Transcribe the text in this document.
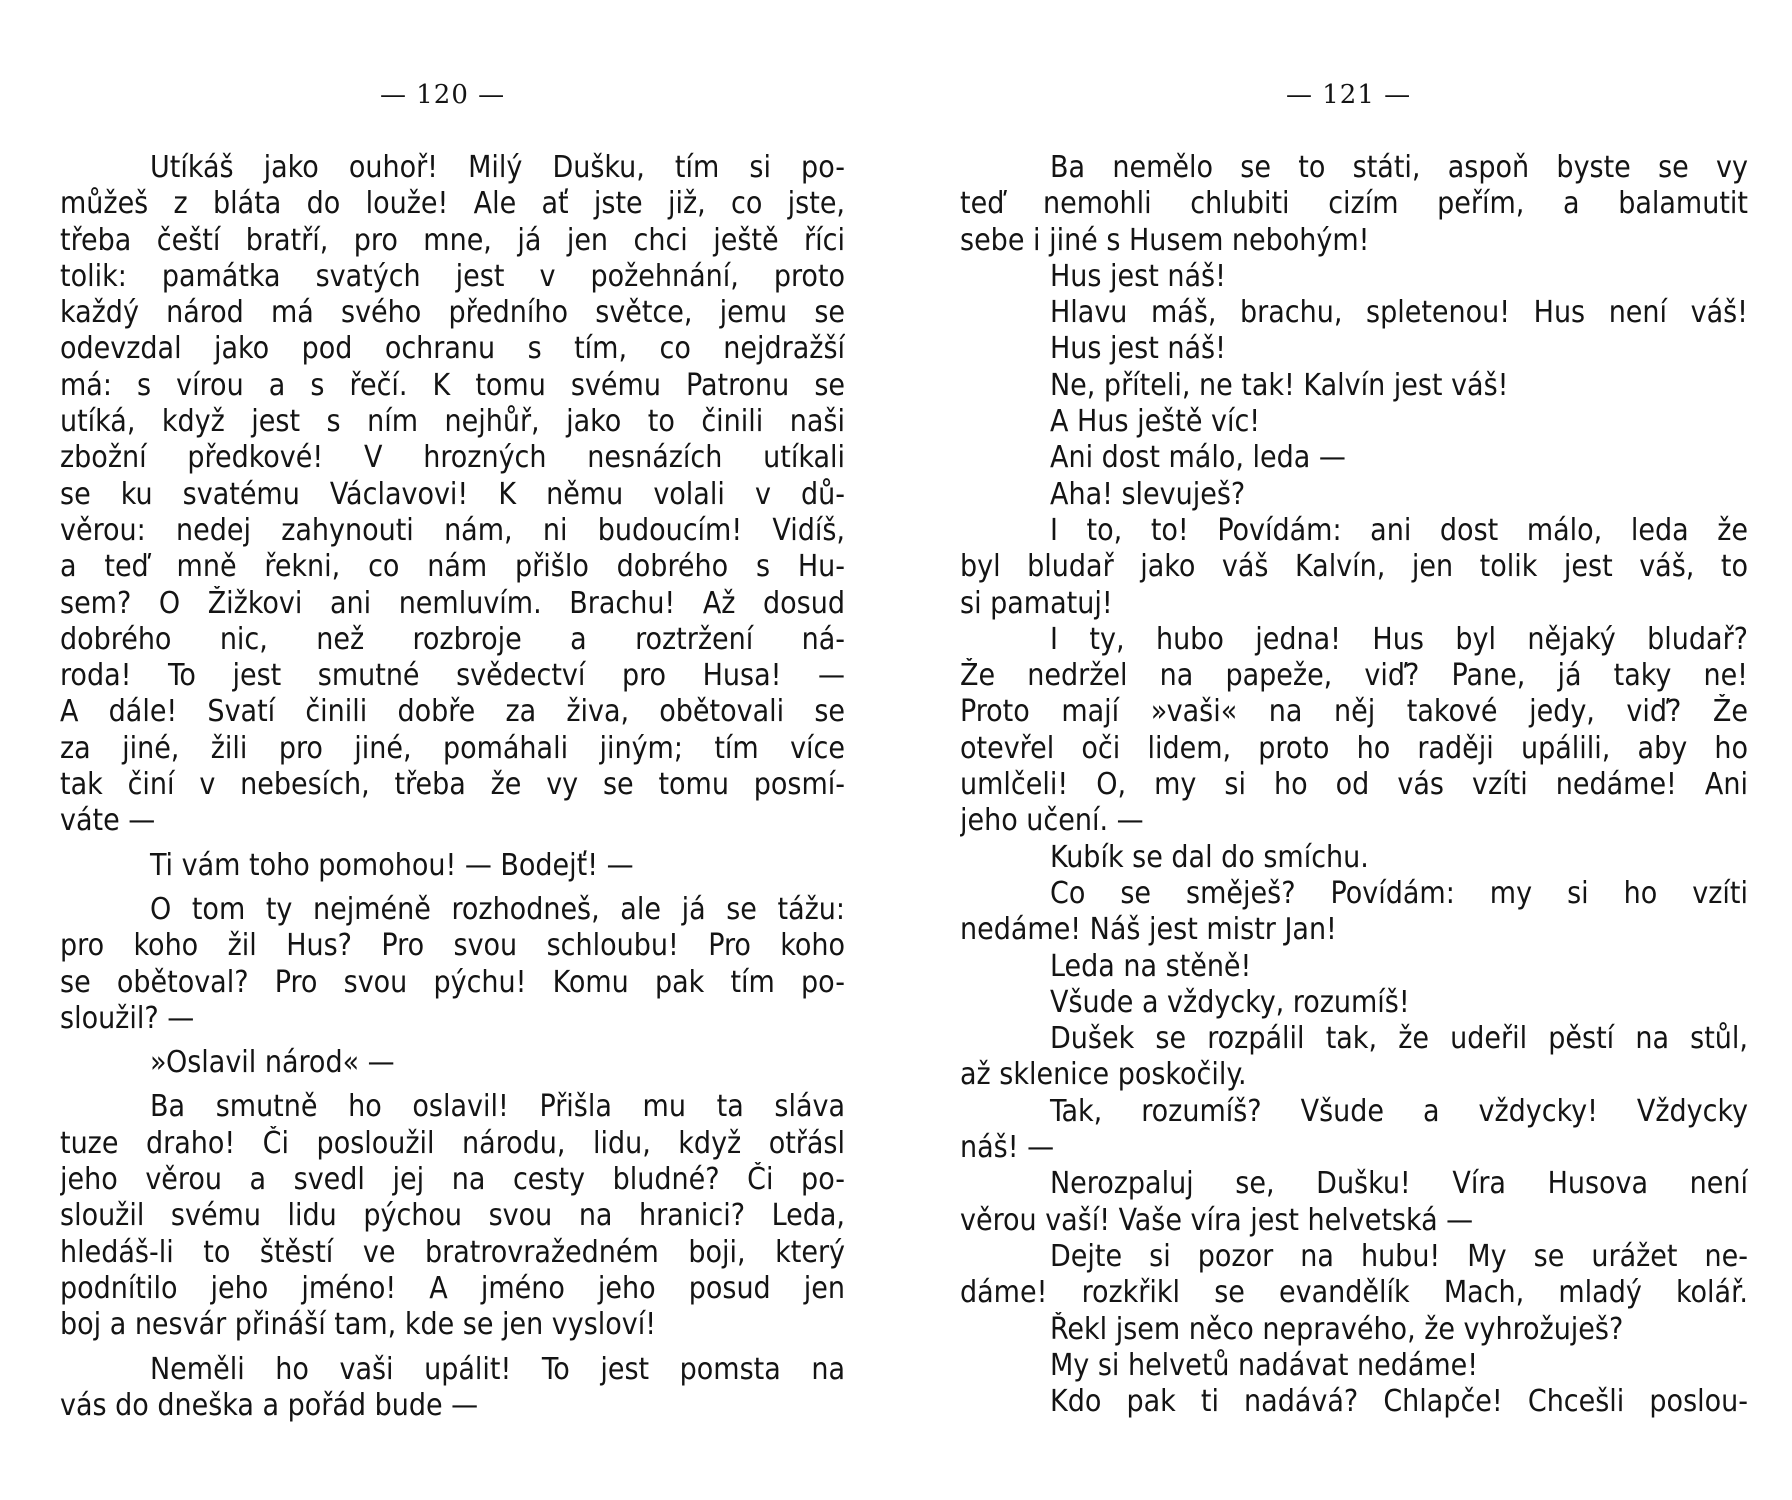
— 120 —
Utíkáš jako ouhoř! Milý Dušku, tím si po-
můžeš z bláta do louže! Ale ať jste již, co jste,
třeba čeští bratří, pro mne, já jen chci ještě říci
tolik: památka svatých jest v požehnání, proto
každý národ má svého předního světce, jemu se
odevzdal jako pod ochranu s tím, co nejdražší
má: s vírou a s řečí. K tomu svému Patronu se
utíká, když jest s ním nejhůř, jako to činili naši
zbožní předkové! V hrozných nesnázích utíkali
se ku svatému Václavovi! K němu volali v dů-
věrou: nedej zahynouti nám, ni budoucím! Vidíš,
a teď mně řekni, co nám přišlo dobrého s Hu-
sem? O Žižkovi ani nemluvím. Brachu! Až dosud
dobrého nic, než rozbroje a roztržení ná-
roda! To jest smutné svědectví pro Husa! —
A dále! Svatí činili dobře za živa, obětovali se
za jiné, žili pro jiné, pomáhali jiným; tím více
tak činí v nebesích, třeba že vy se tomu posmí-
váte —
Ti vám toho pomohou! — Bodejť! —
O tom ty nejméně rozhodneš, ale já se tážu:
pro koho žil Hus? Pro svou schloubu! Pro koho
se obětoval? Pro svou pýchu! Komu pak tím po-
sloužil? —
»Oslavil národ« —
Ba smutně ho oslavil! Přišla mu ta sláva
tuze draho! Či posloužil národu, lidu, když otřásl
jeho věrou a svedl jej na cesty bludné? Či po-
sloužil svému lidu pýchou svou na hranici? Leda,
hledáš-li to štěstí ve bratrovražedném boji, který
podnítilo jeho jméno! A jméno jeho posud jen
boj a nesvár přináší tam, kde se jen vysloví!
Neměli ho vaši upálit! To jest pomsta na
vás do dneška a pořád bude —
— 121 —
Ba nemělo se to státi, aspoň byste se vy
teď nemohli chlubiti cizím peřím, a balamutit
sebe i jiné s Husem nebohým!
Hus jest náš!
Hlavu máš, brachu, spletenou! Hus není váš!
Hus jest náš!
Ne, příteli, ne tak! Kalvín jest váš!
A Hus ještě víc!
Ani dost málo, leda —
Aha! slevuješ?
I to, to! Povídám: ani dost málo, leda že
byl bludař jako váš Kalvín, jen tolik jest váš, to
si pamatuj!
I ty, hubo jedna! Hus byl nějaký bludař?
Že nedržel na papeže, viď? Pane, já taky ne!
Proto mají »vaši« na něj takové jedy, viď? Že
otevřel oči lidem, proto ho raději upálili, aby ho
umlčeli! O, my si ho od vás vzíti nedáme! Ani
jeho učení. —
Kubík se dal do smíchu.
Co se směješ? Povídám: my si ho vzíti
nedáme! Náš jest mistr Jan!
Leda na stěně!
Všude a vždycky, rozumíš!
Dušek se rozpálil tak, že udeřil pěstí na stůl,
až sklenice poskočily.
Tak, rozumíš? Všude a vždycky! Vždycky
náš! —
Nerozpaluj se, Dušku! Víra Husova není
věrou vaší! Vaše víra jest helvetská —
Dejte si pozor na hubu! My se urážet ne-
dáme! rozkřikl se evandělík Mach, mladý kolář.
Řekl jsem něco nepravého, že vyhrožuješ?
My si helvetů nadávat nedáme!
Kdo pak ti nadává? Chlapče! Chcešli poslou-
